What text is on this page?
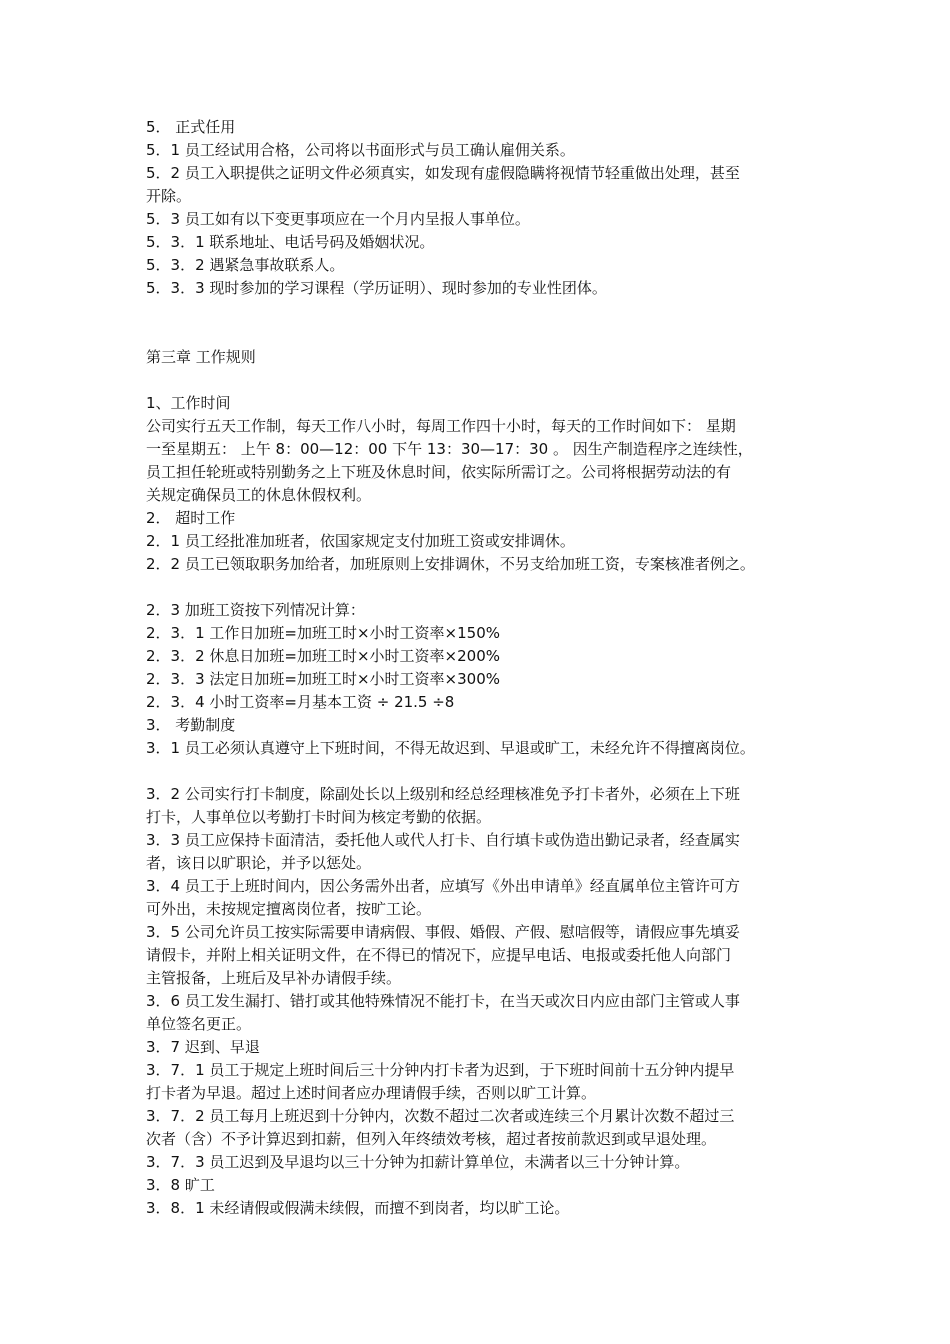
5． 正式任用
5．1 员工经试用合格，公司将以书面形式与员工确认雇佣关系。
5．2 员工入职提供之证明文件必须真实，如发现有虚假隐瞒将视情节轻重做出处理，甚至
开除。
5．3 员工如有以下变更事项应在一个月内呈报人事单位。
5．3．1 联系地址、电话号码及婚姻状况。
5．3．2 遇紧急事故联系人。
5．3．3 现时参加的学习课程（学历证明）、现时参加的专业性团体。
第三章 工作规则
1、工作时间
公司实行五天工作制，每天工作八小时，每周工作四十小时，每天的工作时间如下： 星期
一至星期五： 上午 8：00—12：00 下午 13：30—17：30 。 因生产制造程序之连续性，
员工担任轮班或特别勤务之上下班及休息时间，依实际所需订之。公司将根据劳动法的有
关规定确保员工的休息休假权利。
2． 超时工作
2．1 员工经批准加班者，依国家规定支付加班工资或安排调休。
2．2 员工已领取职务加给者，加班原则上安排调休，不另支给加班工资，专案核准者例之。
2．3 加班工资按下列情况计算：
2．3．1 工作日加班=加班工时×小时工资率×150%
2．3．2 休息日加班=加班工时×小时工资率×200%
2．3．3 法定日加班=加班工时×小时工资率×300%
2．3．4 小时工资率=月基本工资 ÷ 21.5 ÷8
3． 考勤制度
3．1 员工必须认真遵守上下班时间，不得无故迟到、早退或旷工，未经允许不得擅离岗位。
3．2 公司实行打卡制度，除副处长以上级别和经总经理核准免予打卡者外，必须在上下班
打卡，人事单位以考勤打卡时间为核定考勤的依据。
3．3 员工应保持卡面清洁，委托他人或代人打卡、自行填卡或伪造出勤记录者，经查属实
者，该日以旷职论，并予以惩处。
3．4 员工于上班时间内，因公务需外出者，应填写《外出申请单》经直属单位主管许可方
可外出，未按规定擅离岗位者，按旷工论。
3．5 公司允许员工按实际需要申请病假、事假、婚假、产假、慰唁假等，请假应事先填妥
请假卡，并附上相关证明文件，在不得已的情况下，应提早电话、电报或委托他人向部门
主管报备，上班后及早补办请假手续。
3．6 员工发生漏打、错打或其他特殊情况不能打卡，在当天或次日内应由部门主管或人事
单位签名更正。
3．7 迟到、早退
3．7．1 员工于规定上班时间后三十分钟内打卡者为迟到，于下班时间前十五分钟内提早
打卡者为早退。超过上述时间者应办理请假手续，否则以旷工计算。
3．7．2 员工每月上班迟到十分钟内，次数不超过二次者或连续三个月累计次数不超过三
次者（含）不予计算迟到扣薪，但列入年终绩效考核，超过者按前款迟到或早退处理。
3．7．3 员工迟到及早退均以三十分钟为扣薪计算单位，未满者以三十分钟计算。
3．8 旷工
3．8．1 未经请假或假满未续假，而擅不到岗者，均以旷工论。
